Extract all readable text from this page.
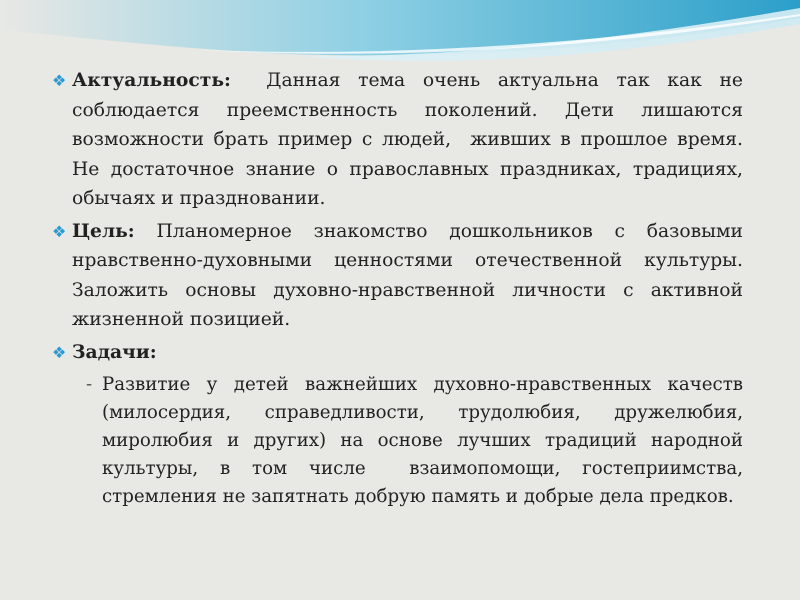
❖ Актуальность:  Данная тема очень актуальна так как не соблюдается преемственность поколений. Дети лишаются возможности брать пример с людей,  живших в прошлое время. Не достаточное знание о православных праздниках, традициях, обычаях и праздновании.
❖ Цель: Планомерное знакомство дошкольников с базовыми нравственно-духовными ценностями отечественной культуры. Заложить основы духовно-нравственной личности с активной жизненной позицией.
❖ Задачи:
- Развитие у детей важнейших духовно-нравственных качеств (милосердия, справедливости, трудолюбия, дружелюбия, миролюбия и других) на основе лучших традиций народной культуры, в том числе  взаимопомощи, гостеприимства, стремления не запятнать добрую память и добрые дела предков.
